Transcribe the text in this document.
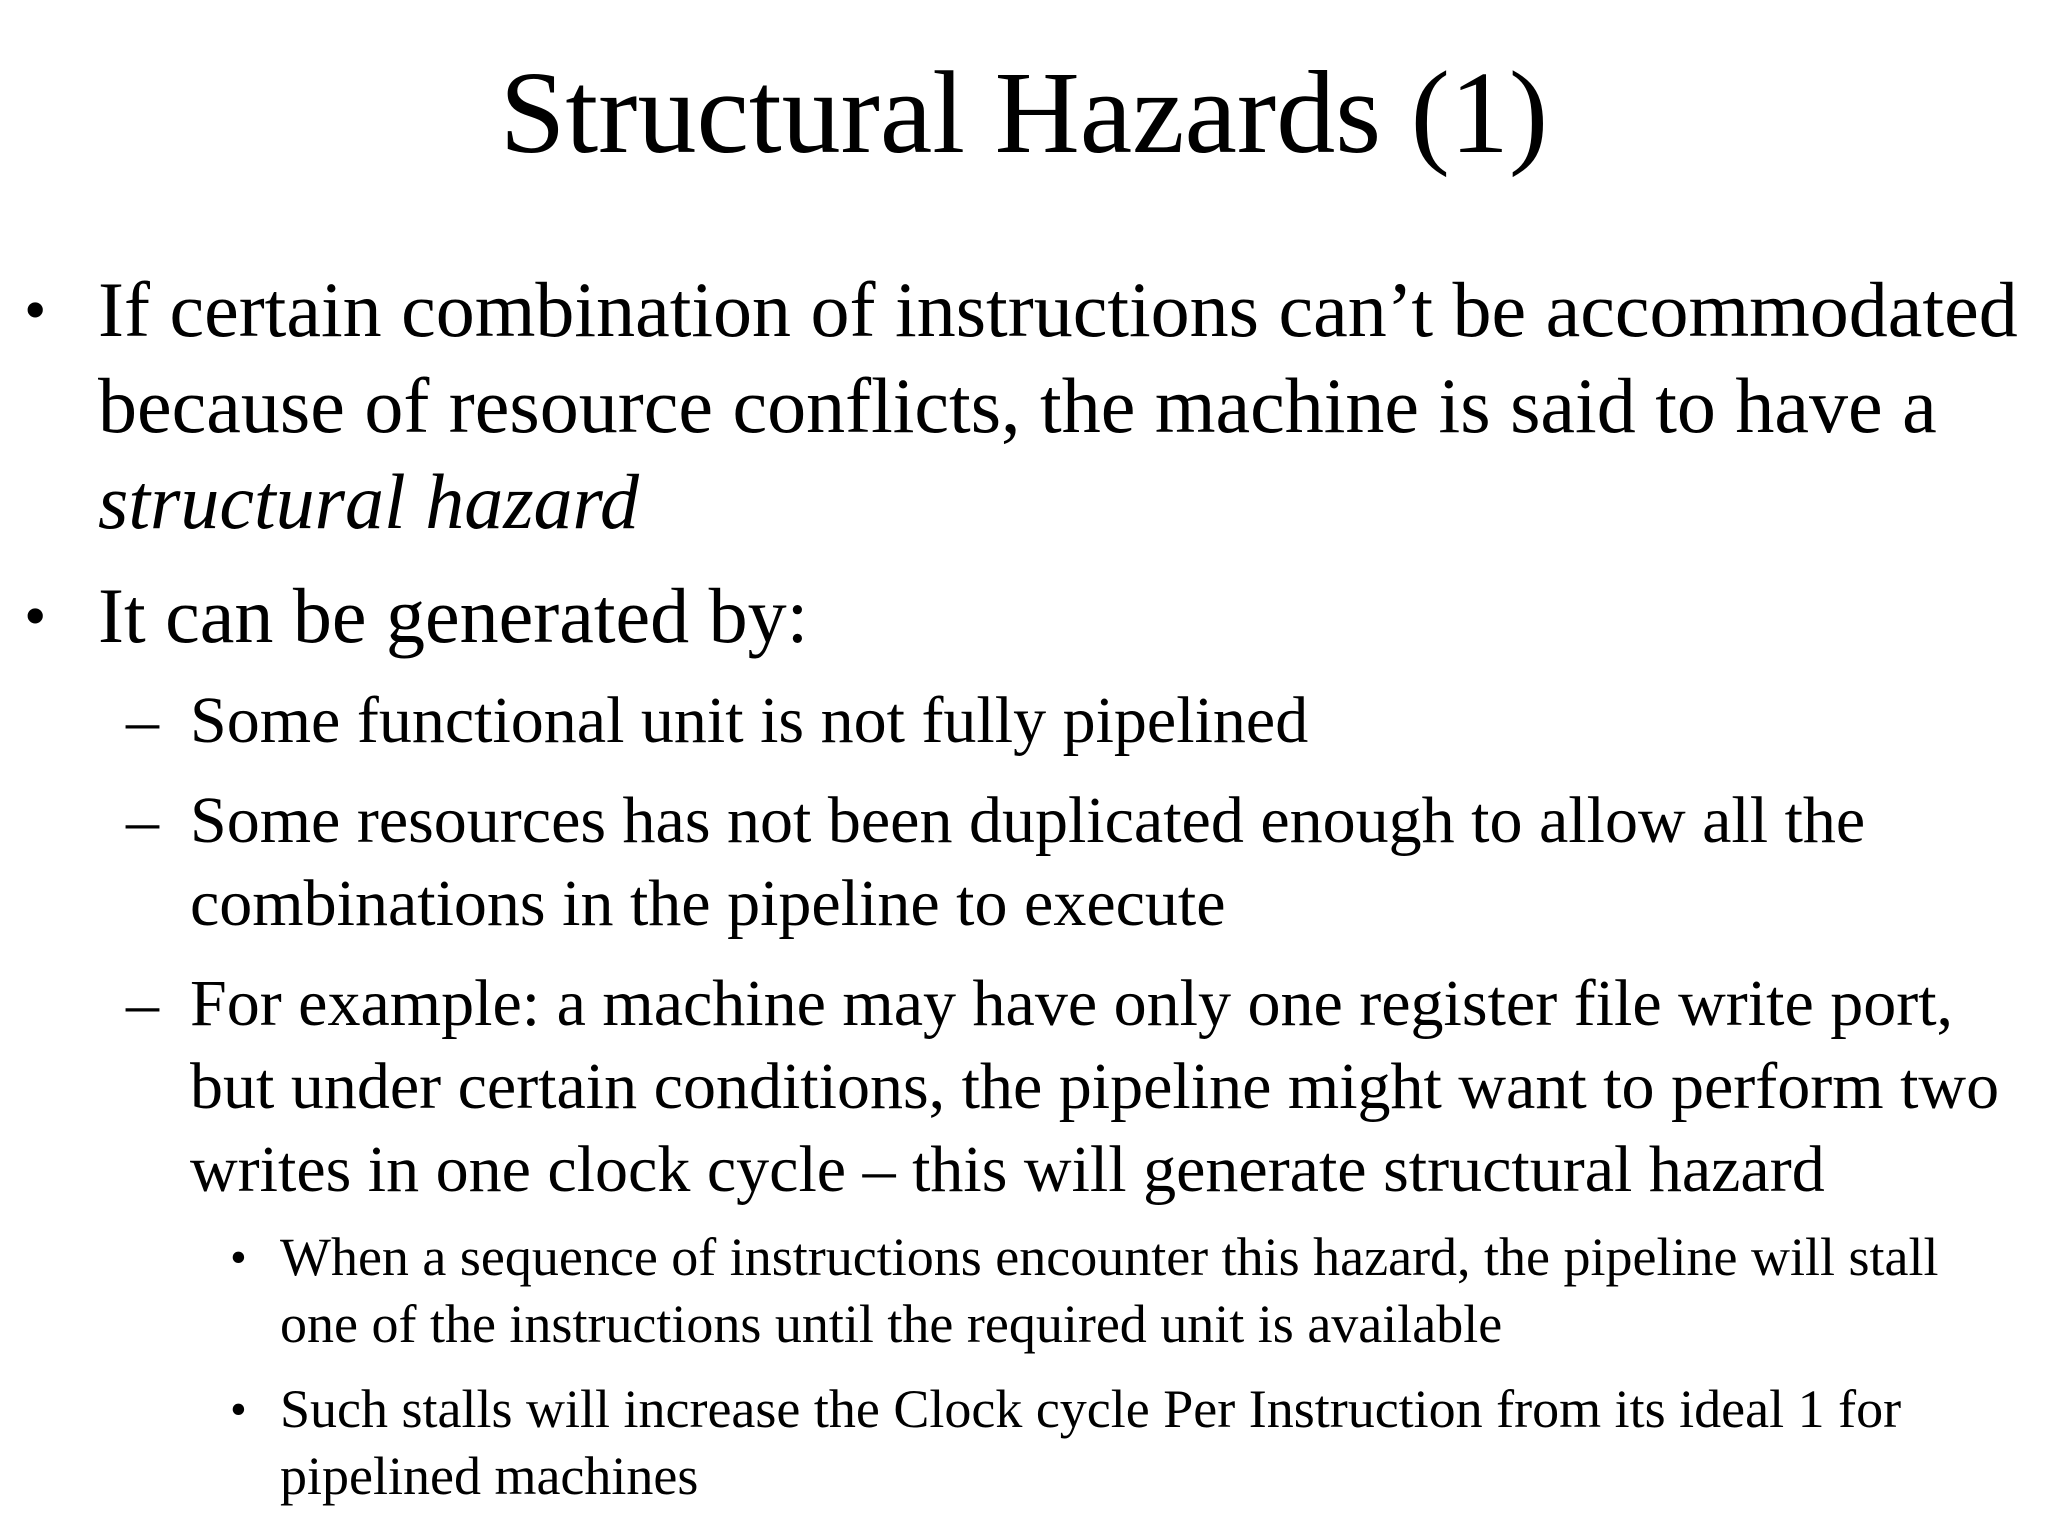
Structural Hazards (1)

• If certain combination of instructions can’t be accommodated because of resource conflicts, the machine is said to have a structural hazard

• It can be generated by:

– Some functional unit is not fully pipelined

– Some resources has not been duplicated enough to allow all the combinations in the pipeline to execute

– For example: a machine may have only one register file write port, but under certain conditions, the pipeline might want to perform two writes in one clock cycle – this will generate structural hazard

• When a sequence of instructions encounter this hazard, the pipeline will stall one of the instructions until the required unit is available

• Such stalls will increase the Clock cycle Per Instruction from its ideal 1 for pipelined machines
